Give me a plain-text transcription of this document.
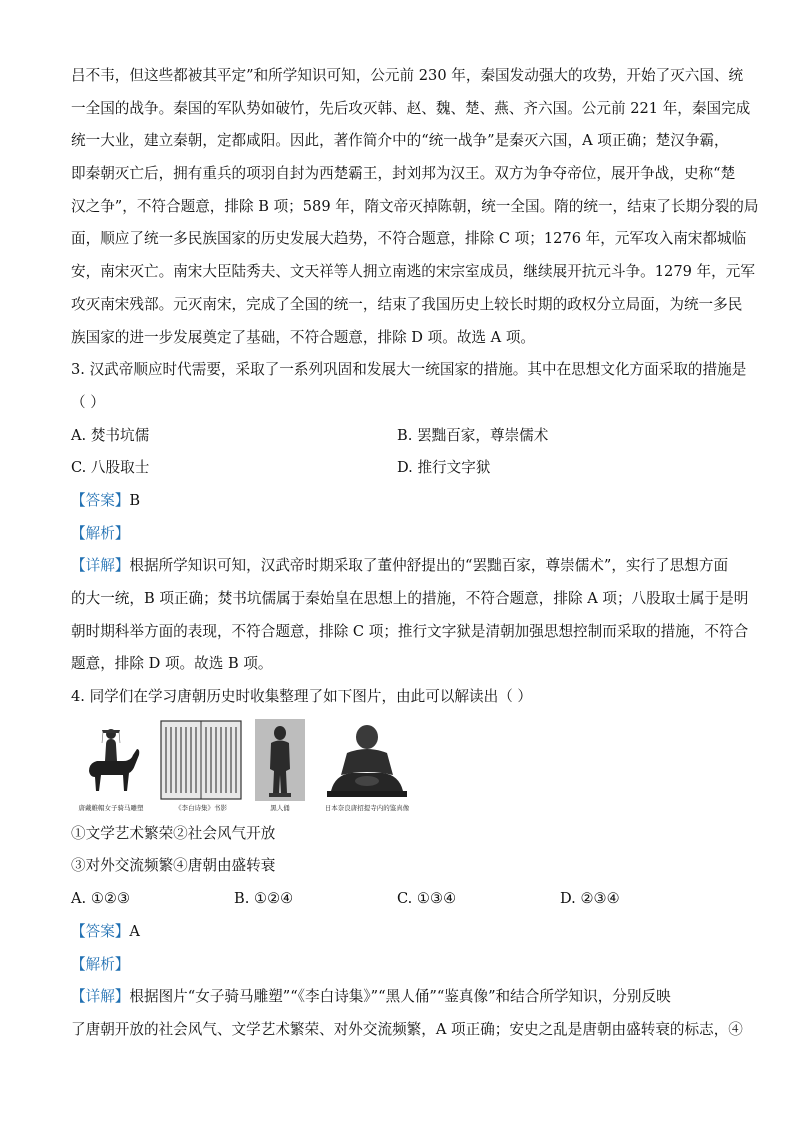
吕不韦，但这些都被其平定”和所学知识可知，公元前 230 年，秦国发动强大的攻势，开始了灭六国、统
一全国的战争。秦国的军队势如破竹，先后攻灭韩、赵、魏、楚、燕、齐六国。公元前 221 年，秦国完成
统一大业，建立秦朝，定都咸阳。因此，著作简介中的“统一战争”是秦灭六国，A 项正确；楚汉争霸，
即秦朝灭亡后，拥有重兵的项羽自封为西楚霸王，封刘邦为汉王。双方为争夺帝位，展开争战，史称“楚
汉之争”，不符合题意，排除 B 项；589 年，隋文帝灭掉陈朝，统一全国。隋的统一，结束了长期分裂的局
面，顺应了统一多民族国家的历史发展大趋势，不符合题意，排除 C 项；1276 年，元军攻入南宋都城临
安，南宋灭亡。南宋大臣陆秀夫、文天祥等人拥立南逃的宋宗室成员，继续展开抗元斗争。1279 年，元军
攻灭南宋残部。元灭南宋，完成了全国的统一，结束了我国历史上较长时期的政权分立局面，为统一多民
族国家的进一步发展奠定了基础，不符合题意，排除 D 项。故选 A 项。
3. 汉武帝顺应时代需要，采取了一系列巩固和发展大一统国家的措施。其中在思想文化方面采取的措施是
（ ）
A. 焚书坑儒	B. 罢黜百家，尊崇儒术
C. 八股取士	D. 推行文字狱
【答案】B
【解析】
【详解】根据所学知识可知，汉武帝时期采取了董仲舒提出的“罢黜百家，尊崇儒术”，实行了思想方面
的大一统，B 项正确；焚书坑儒属于秦始皇在思想上的措施，不符合题意，排除 A 项；八股取士属于是明
朝时期科举方面的表现，不符合题意，排除 C 项；推行文字狱是清朝加强思想控制而采取的措施，不符合
题意，排除 D 项。故选 B 项。
4. 同学们在学习唐朝历史时收集整理了如下图片，由此可以解读出（ ）
唐戴帷帽女子骑马雕塑	《李白诗集》书影	黑人俑	日本奈良唐招提寺内的鉴真像
①文学艺术繁荣②社会风气开放
③对外交流频繁④唐朝由盛转衰
A. ①②③	B. ①②④	C. ①③④	D. ②③④
【答案】A
【解析】
【详解】根据图片“女子骑马雕塑”“《李白诗集》”“黑人俑”“鉴真像”和结合所学知识，分别反映
了唐朝开放的社会风气、文学艺术繁荣、对外交流频繁，A 项正确；安史之乱是唐朝由盛转衰的标志，④
